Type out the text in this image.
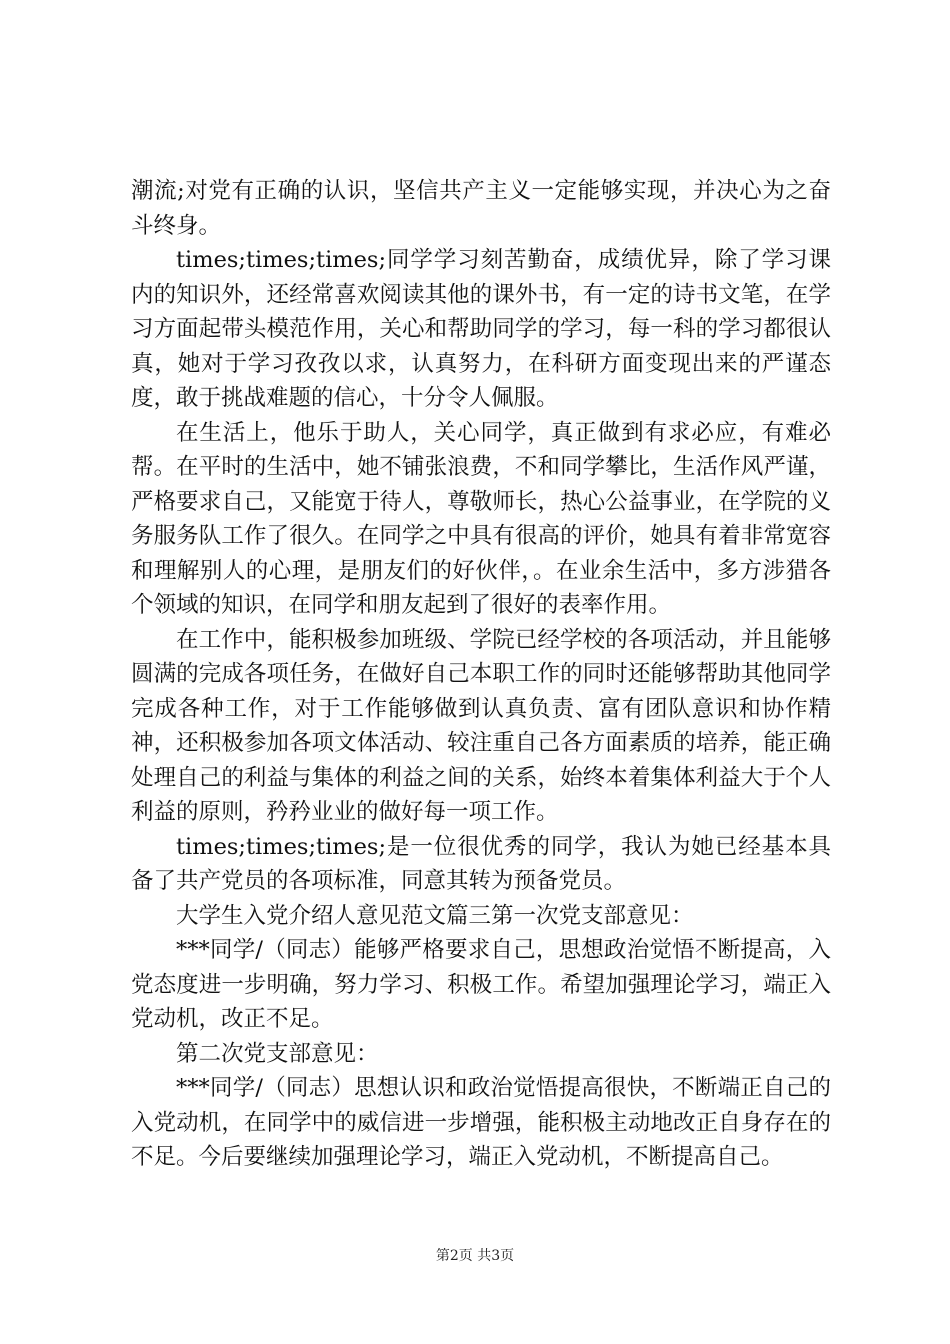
潮流;对党有正确的认识，坚信共产主义一定能够实现，并决心为之奋斗终身。

times;times;times;同学学习刻苦勤奋，成绩优异，除了学习课内的知识外，还经常喜欢阅读其他的课外书，有一定的诗书文笔，在学习方面起带头模范作用，关心和帮助同学的学习，每一科的学习都很认真，她对于学习孜孜以求，认真努力，在科研方面变现出来的严谨态度，敢于挑战难题的信心，十分令人佩服。

在生活上，他乐于助人，关心同学，真正做到有求必应，有难必帮。在平时的生活中，她不铺张浪费，不和同学攀比，生活作风严谨，严格要求自己，又能宽于待人，尊敬师长，热心公益事业，在学院的义务服务队工作了很久。在同学之中具有很高的评价，她具有着非常宽容和理解别人的心理，是朋友们的好伙伴，。在业余生活中，多方涉猎各个领域的知识，在同学和朋友起到了很好的表率作用。

在工作中，能积极参加班级、学院已经学校的各项活动，并且能够圆满的完成各项任务，在做好自己本职工作的同时还能够帮助其他同学完成各种工作，对于工作能够做到认真负责、富有团队意识和协作精神，还积极参加各项文体活动、较注重自己各方面素质的培养，能正确处理自己的利益与集体的利益之间的关系，始终本着集体利益大于个人利益的原则，矜矜业业的做好每一项工作。

times;times;times;是一位很优秀的同学，我认为她已经基本具备了共产党员的各项标准，同意其转为预备党员。

大学生入党介绍人意见范文篇三第一次党支部意见：

***同学/（同志）能够严格要求自己，思想政治觉悟不断提高，入党态度进一步明确，努力学习、积极工作。希望加强理论学习，端正入党动机，改正不足。

第二次党支部意见：

***同学/（同志）思想认识和政治觉悟提高很快，不断端正自己的入党动机，在同学中的威信进一步增强，能积极主动地改正自身存在的不足。今后要继续加强理论学习，端正入党动机，不断提高自己。

第2页 共3页
